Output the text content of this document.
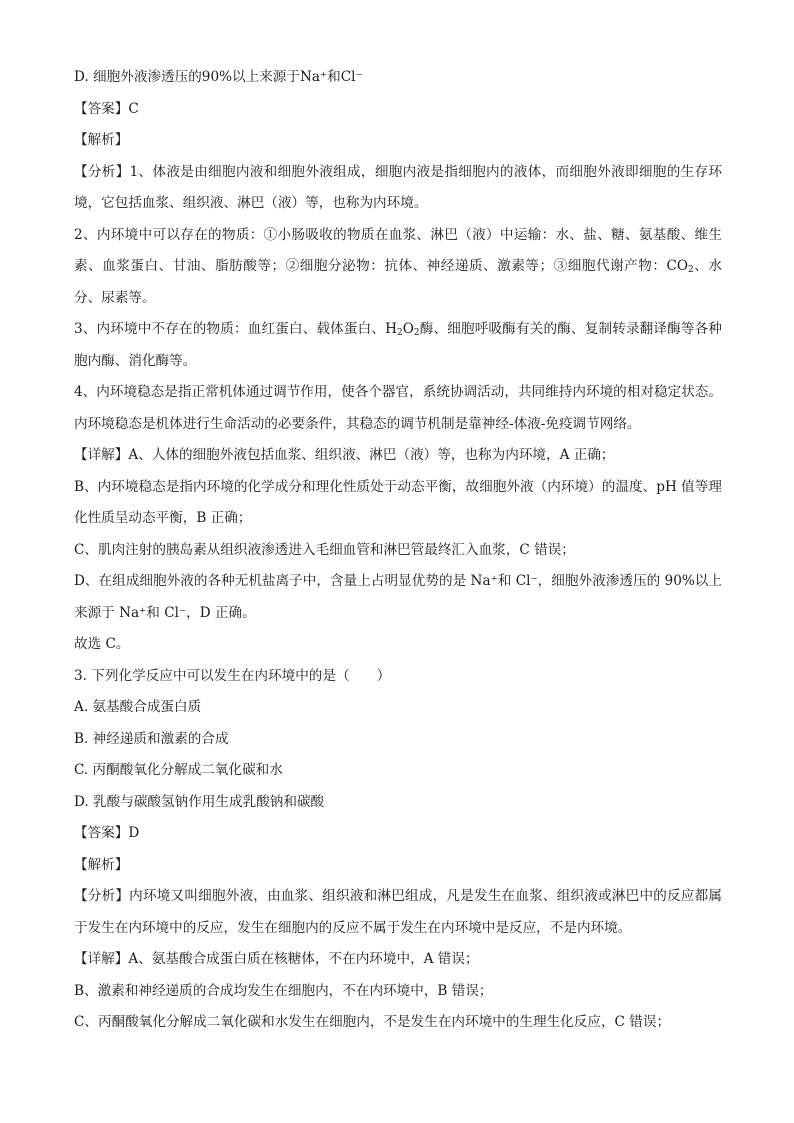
D. 细胞外液渗透压的90%以上来源于Na⁺和Cl⁻
【答案】C
【解析】
【分析】1、体液是由细胞内液和细胞外液组成，细胞内液是指细胞内的液体，而细胞外液即细胞的生存环境，它包括血浆、组织液、淋巴（液）等，也称为内环境。
2、内环境中可以存在的物质：①小肠吸收的物质在血浆、淋巴（液）中运输：水、盐、糖、氨基酸、维生素、血浆蛋白、甘油、脂肪酸等；②细胞分泌物：抗体、神经递质、激素等；③细胞代谢产物：$CO_2$、水分、尿素等。
3、内环境中不存在的物质：血红蛋白、载体蛋白、$H_2O_2$酶、细胞呼吸酶有关的酶、复制转录翻译酶等各种胞内酶、消化酶等。
4、内环境稳态是指正常机体通过调节作用，使各个器官，系统协调活动，共同维持内环境的相对稳定状态。内环境稳态是机体进行生命活动的必要条件，其稳态的调节机制是靠神经-体液-免疫调节网络。
【详解】A、人体的细胞外液包括血浆、组织液、淋巴（液）等，也称为内环境，A 正确；
B、内环境稳态是指内环境的化学成分和理化性质处于动态平衡，故细胞外液（内环境）的温度、pH 值等理化性质呈动态平衡，B 正确；
C、肌肉注射的胰岛素从组织液渗透进入毛细血管和淋巴管最终汇入血浆，C 错误；
D、在组成细胞外液的各种无机盐离子中，含量上占明显优势的是 Na⁺和 Cl⁻，细胞外液渗透压的 90%以上来源于 Na⁺和 Cl⁻，D 正确。
故选 C。
3. 下列化学反应中可以发生在内环境中的是（　　）
A. 氨基酸合成蛋白质
B. 神经递质和激素的合成
C. 丙酮酸氧化分解成二氧化碳和水
D. 乳酸与碳酸氢钠作用生成乳酸钠和碳酸
【答案】D
【解析】
【分析】内环境又叫细胞外液，由血浆、组织液和淋巴组成，凡是发生在血浆、组织液或淋巴中的反应都属于发生在内环境中的反应，发生在细胞内的反应不属于发生在内环境中是反应，不是内环境。
【详解】A、氨基酸合成蛋白质在核糖体，不在内环境中，A 错误；
B、激素和神经递质的合成均发生在细胞内，不在内环境中，B 错误；
C、丙酮酸氧化分解成二氧化碳和水发生在细胞内，不是发生在内环境中的生理生化反应，C 错误；
